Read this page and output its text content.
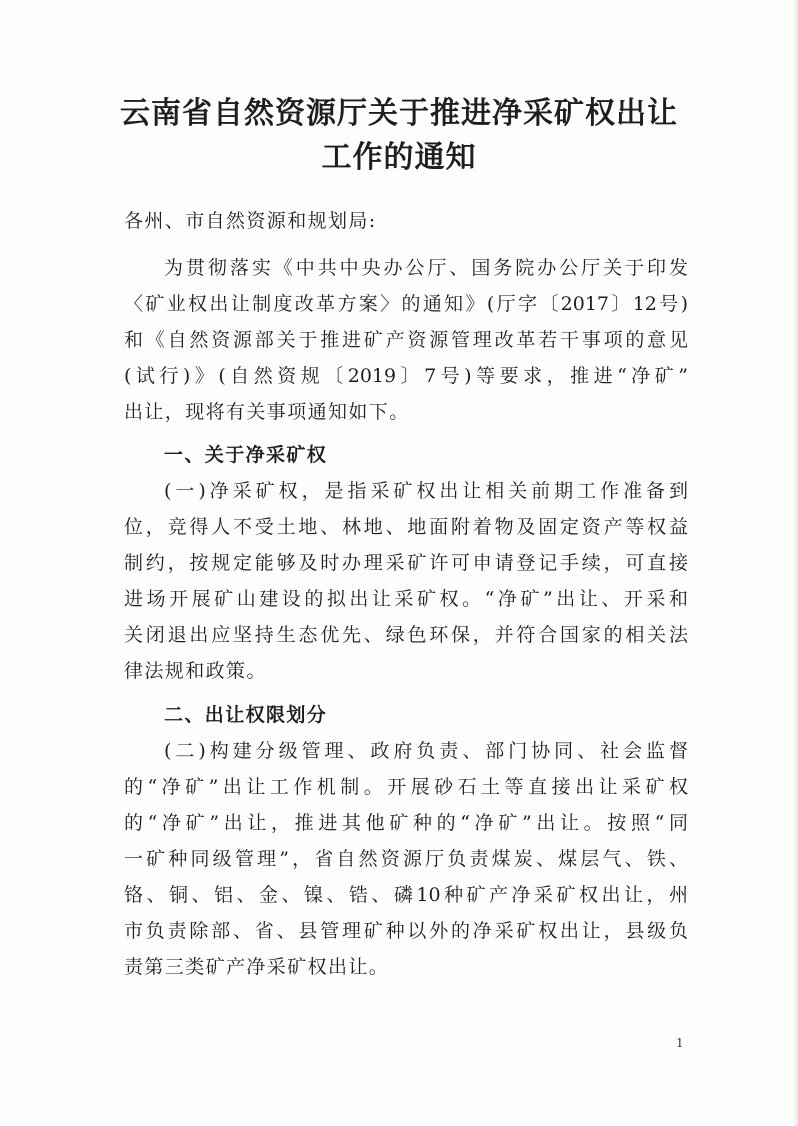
云南省自然资源厅关于推进净采矿权出让
工作的通知
各州、市自然资源和规划局:
为贯彻落实《中共中央办公厅、国务院办公厅关于印发
〈矿业权出让制度改革方案〉的通知》(厅字〔2017〕12号)
和《自然资源部关于推进矿产资源管理改革若干事项的意见
(试行)》(自然资规〔2019〕7号)等要求，推进“净矿”
出让，现将有关事项通知如下。
一、关于净采矿权
(一)净采矿权，是指采矿权出让相关前期工作准备到
位，竞得人不受土地、林地、地面附着物及固定资产等权益
制约，按规定能够及时办理采矿许可申请登记手续，可直接
进场开展矿山建设的拟出让采矿权。“净矿”出让、开采和
关闭退出应坚持生态优先、绿色环保，并符合国家的相关法
律法规和政策。
二、出让权限划分
(二)构建分级管理、政府负责、部门协同、社会监督
的“净矿”出让工作机制。开展砂石土等直接出让采矿权
的“净矿”出让，推进其他矿种的“净矿”出让。按照“同
一矿种同级管理”，省自然资源厅负责煤炭、煤层气、铁、
铬、铜、铝、金、镍、锆、磷10种矿产净采矿权出让，州
市负责除部、省、县管理矿种以外的净采矿权出让，县级负
责第三类矿产净采矿权出让。
1
